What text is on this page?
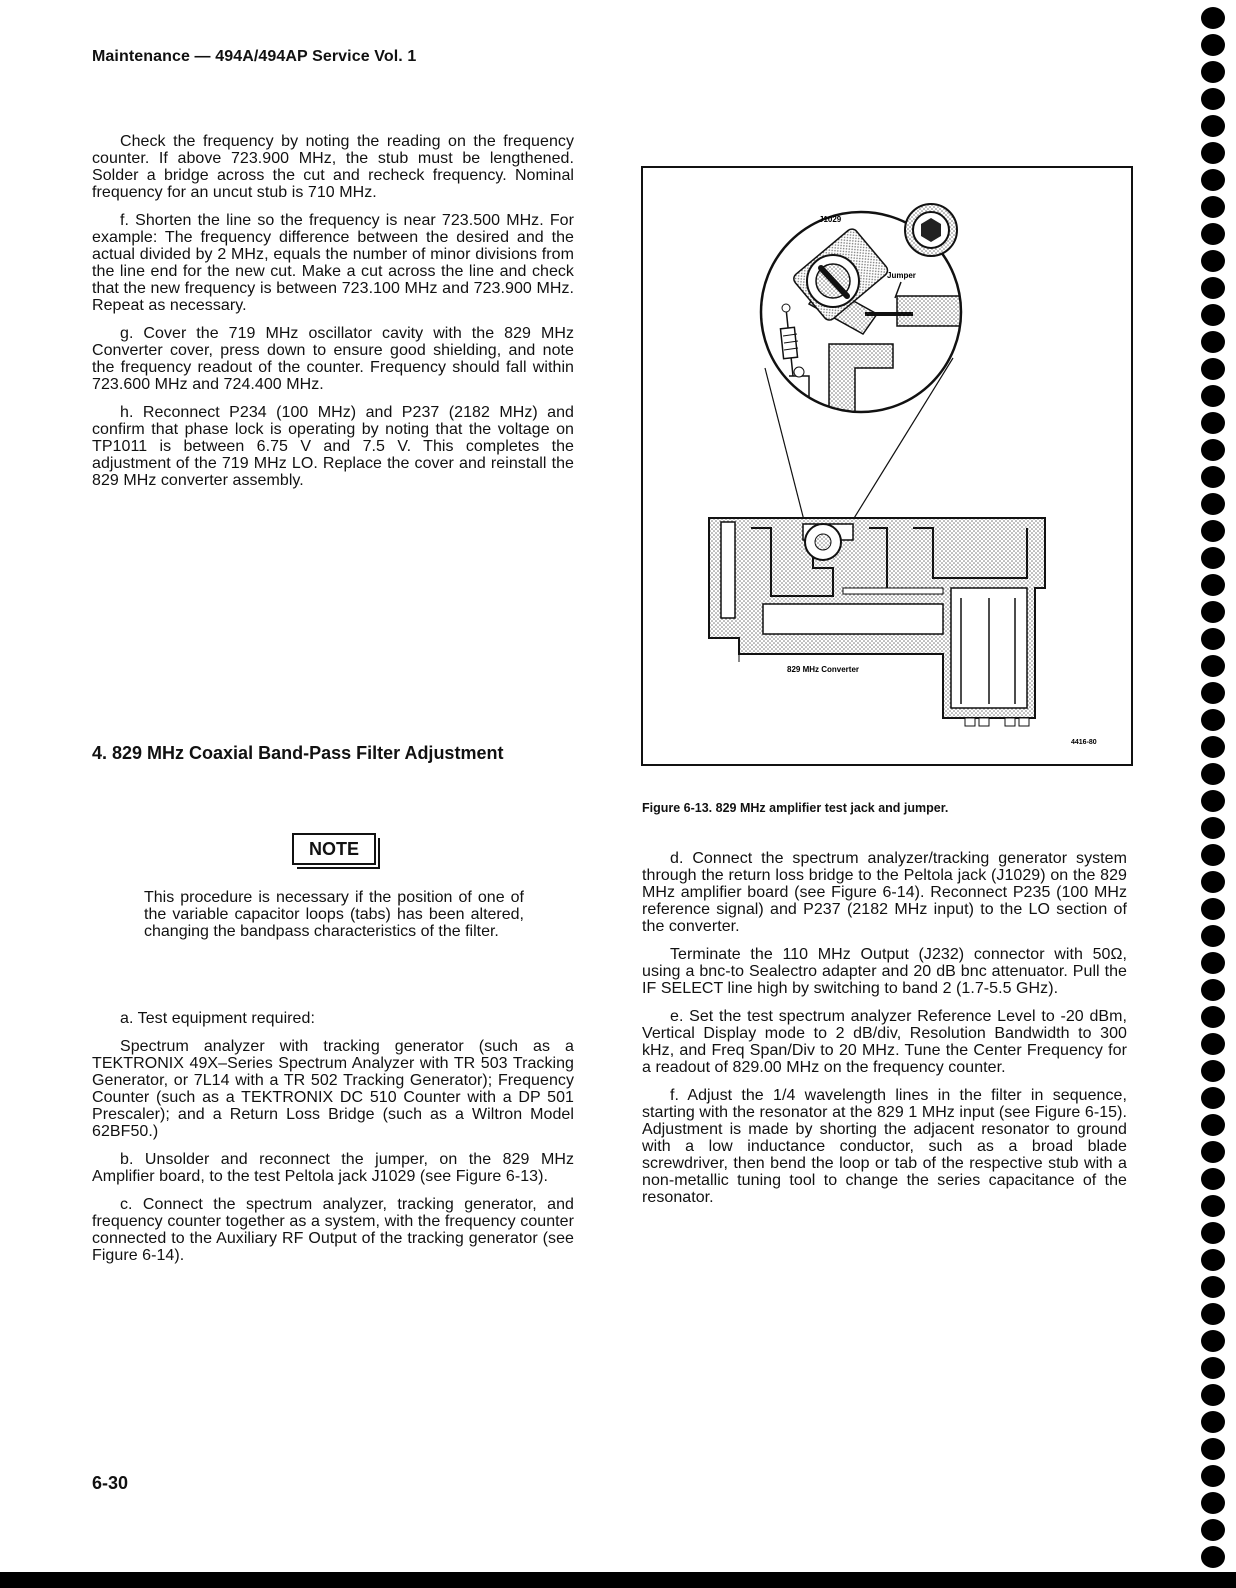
Maintenance — 494A/494AP Service Vol. 1

Check the frequency by noting the reading on the frequency counter. If above 723.900 MHz, the stub must be lengthened. Solder a bridge across the cut and recheck frequency. Nominal frequency for an uncut stub is 710 MHz.

f. Shorten the line so the frequency is near 723.500 MHz. For example: The frequency difference between the desired and the actual divided by 2 MHz, equals the number of minor divisions from the line end for the new cut. Make a cut across the line and check that the new frequency is between 723.100 MHz and 723.900 MHz. Repeat as necessary.

g. Cover the 719 MHz oscillator cavity with the 829 MHz Converter cover, press down to ensure good shielding, and note the frequency readout of the counter. Frequency should fall within 723.600 MHz and 724.400 MHz.

h. Reconnect P234 (100 MHz) and P237 (2182 MHz) and confirm that phase lock is operating by noting that the voltage on TP1011 is between 6.75 V and 7.5 V. This completes the adjustment of the 719 MHz LO. Replace the cover and reinstall the 829 MHz converter assembly.

4. 829 MHz Coaxial Band-Pass Filter Adjustment
NOTE
This procedure is necessary if the position of one of the variable capacitor loops (tabs) has been altered, changing the bandpass characteristics of the filter.

a. Test equipment required:

Spectrum analyzer with tracking generator (such as a TEKTRONIX 49X–Series Spectrum Analyzer with TR 503 Tracking Generator, or 7L14 with a TR 502 Tracking Generator); Frequency Counter (such as a TEKTRONIX DC 510 Counter with a DP 501 Prescaler); and a Return Loss Bridge (such as a Wiltron Model 62BF50.)

b. Unsolder and reconnect the jumper, on the 829 MHz Amplifier board, to the test Peltola jack J1029 (see Figure 6-13).

c. Connect the spectrum analyzer, tracking generator, and frequency counter together as a system, with the frequency counter connected to the Auxiliary RF Output of the tracking generator (see Figure 6-14).

J1029
Jumper
829 MHz Converter
4416-80
Figure 6-13. 829 MHz amplifier test jack and jumper.

d. Connect the spectrum analyzer/tracking generator system through the return loss bridge to the Peltola jack (J1029) on the 829 MHz amplifier board (see Figure 6-14). Reconnect P235 (100 MHz reference signal) and P237 (2182 MHz input) to the LO section of the converter.

Terminate the 110 MHz Output (J232) connector with 50Ω, using a bnc-to Sealectro adapter and 20 dB bnc attenuator. Pull the IF SELECT line high by switching to band 2 (1.7-5.5 GHz).

e. Set the test spectrum analyzer Reference Level to -20 dBm, Vertical Display mode to 2 dB/div, Resolution Bandwidth to 300 kHz, and Freq Span/Div to 20 MHz. Tune the Center Frequency for a readout of 829.00 MHz on the frequency counter.

f. Adjust the 1/4 wavelength lines in the filter in sequence, starting with the resonator at the 829 1 MHz input (see Figure 6-15). Adjustment is made by shorting the adjacent resonator to ground with a low inductance conductor, such as a broad blade screwdriver, then bend the loop or tab of the respective stub with a non-metallic tuning tool to change the series capacitance of the resonator.

6-30
